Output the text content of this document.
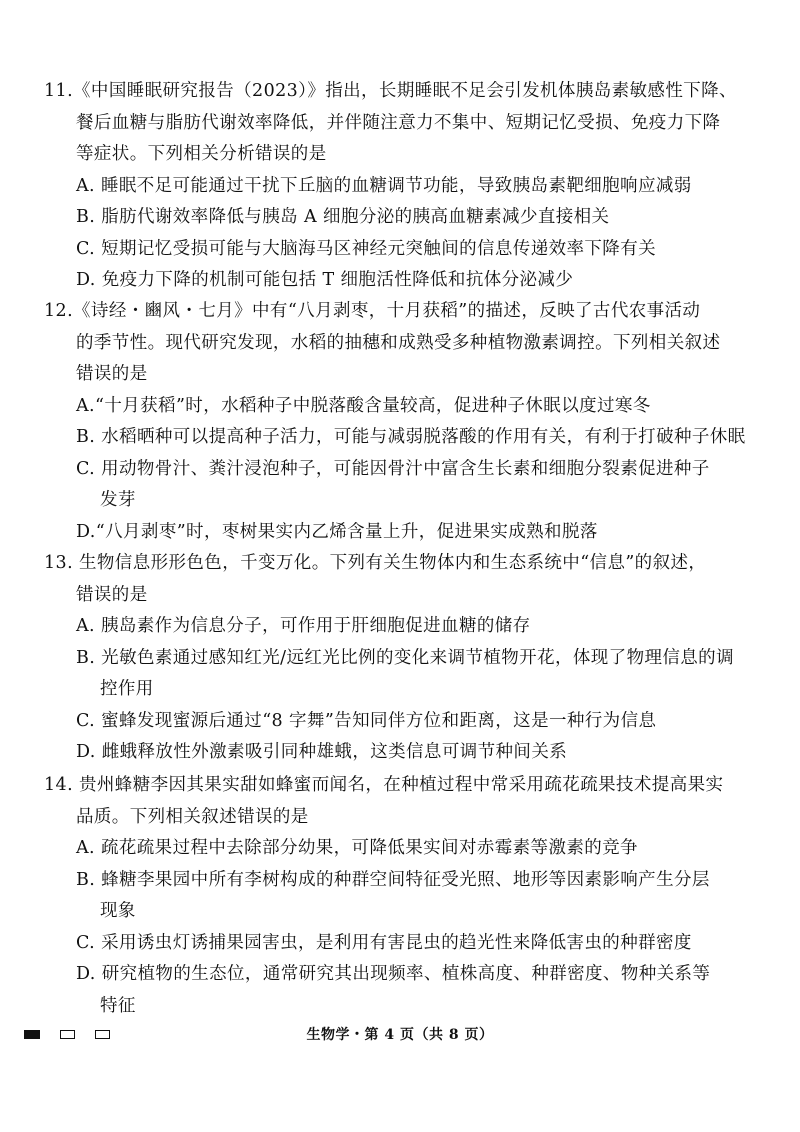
11.《中国睡眠研究报告（2023）》指出，长期睡眠不足会引发机体胰岛素敏感性下降、
餐后血糖与脂肪代谢效率降低，并伴随注意力不集中、短期记忆受损、免疫力下降
等症状。下列相关分析错误的是
A. 睡眠不足可能通过干扰下丘脑的血糖调节功能，导致胰岛素靶细胞响应减弱
B. 脂肪代谢效率降低与胰岛 A 细胞分泌的胰高血糖素减少直接相关
C. 短期记忆受损可能与大脑海马区神经元突触间的信息传递效率下降有关
D. 免疫力下降的机制可能包括 T 细胞活性降低和抗体分泌减少
12.《诗经・豳风・七月》中有“八月剥枣，十月获稻”的描述，反映了古代农事活动
的季节性。现代研究发现，水稻的抽穗和成熟受多种植物激素调控。下列相关叙述
错误的是
A.“十月获稻”时，水稻种子中脱落酸含量较高，促进种子休眠以度过寒冬
B. 水稻晒种可以提高种子活力，可能与减弱脱落酸的作用有关，有利于打破种子休眠
C. 用动物骨汁、粪汁浸泡种子，可能因骨汁中富含生长素和细胞分裂素促进种子
发芽
D.“八月剥枣”时，枣树果实内乙烯含量上升，促进果实成熟和脱落
13. 生物信息形形色色，千变万化。下列有关生物体内和生态系统中“信息”的叙述，
错误的是
A. 胰岛素作为信息分子，可作用于肝细胞促进血糖的储存
B. 光敏色素通过感知红光/远红光比例的变化来调节植物开花，体现了物理信息的调
控作用
C. 蜜蜂发现蜜源后通过“8 字舞”告知同伴方位和距离，这是一种行为信息
D. 雌蛾释放性外激素吸引同种雄蛾，这类信息可调节种间关系
14. 贵州蜂糖李因其果实甜如蜂蜜而闻名，在种植过程中常采用疏花疏果技术提高果实
品质。下列相关叙述错误的是
A. 疏花疏果过程中去除部分幼果，可降低果实间对赤霉素等激素的竞争
B. 蜂糖李果园中所有李树构成的种群空间特征受光照、地形等因素影响产生分层
现象
C. 采用诱虫灯诱捕果园害虫，是利用有害昆虫的趋光性来降低害虫的种群密度
D. 研究植物的生态位，通常研究其出现频率、植株高度、种群密度、物种关系等
特征
生物学・第 4 页（共 8 页）
